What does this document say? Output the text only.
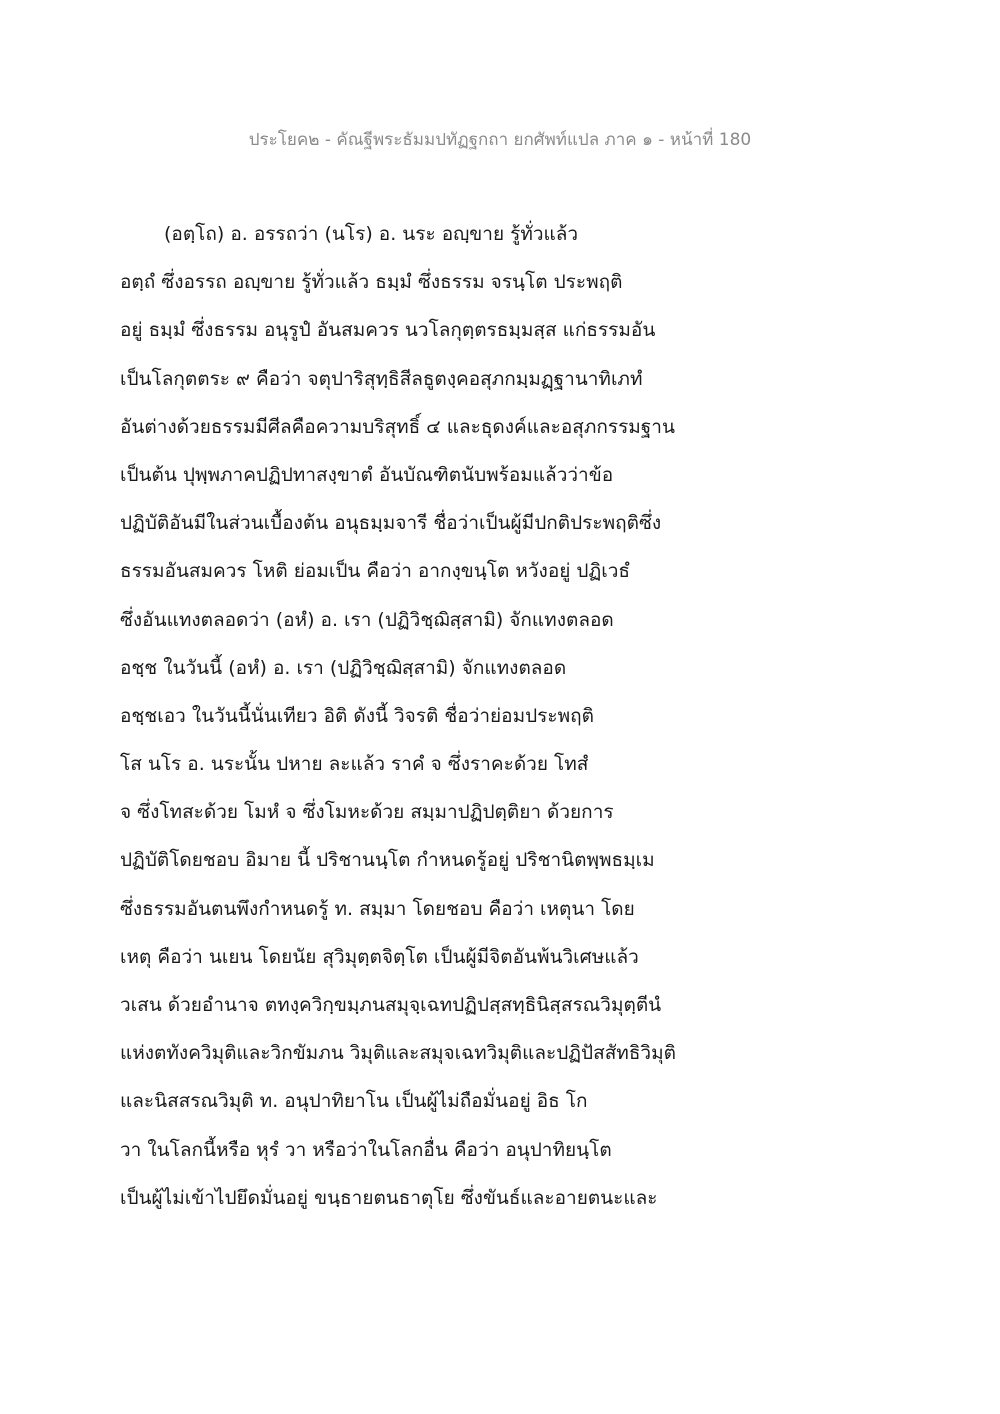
ประโยค๒ - คัณฐีพระธัมมปทัฏฐกถา ยกศัพท์แปล ภาค ๑ - หน้าที่ 180
(อตฺโถ) อ. อรรถว่า (นโร) อ. นระ อญฺขาย รู้ทั่วแล้ว
อตฺถํ ซึ่งอรรถ อญฺขาย รู้ทั่วแล้ว ธมฺมํ ซึ่งธรรม จรนฺโต ประพฤติ
อยู่ ธมฺมํ ซึ่งธรรม อนุรูปํ อันสมควร นวโลกุตฺตรธมฺมสฺส แก่ธรรมอัน
เป็นโลกุตตระ ๙ คือว่า จตุปาริสุทฺธิสีลธูตงฺคอสุภกมฺมฏฺฐานาทิเภทํ
อันต่างด้วยธรรมมีศีลคือความบริสุทธิ์ ๔ และธุดงค์และอสุภกรรมฐาน
เป็นต้น ปุพฺพภาคปฏิปทาสงฺขาตํ อันบัณฑิตนับพร้อมแล้วว่าข้อ
ปฏิบัติอันมีในส่วนเบื้องต้น อนุธมฺมจารี ชื่อว่าเป็นผู้มีปกติประพฤติซึ่ง
ธรรมอันสมควร โหติ ย่อมเป็น คือว่า อากงฺขนฺโต หวังอยู่ ปฏิเวธํ
ซึ่งอันแทงตลอดว่า (อหํ) อ. เรา (ปฏิวิชฺฌิสฺสามิ) จักแทงตลอด
อชฺช ในวันนี้ (อหํ) อ. เรา (ปฏิวิชฺฌิสฺสามิ) จักแทงตลอด
อชฺชเอว ในวันนี้นั่นเทียว อิติ ดังนี้ วิจรติ ชื่อว่าย่อมประพฤติ
โส นโร อ. นระนั้น ปหาย ละแล้ว ราคํ จ ซึ่งราคะด้วย โทสํ
จ ซึ่งโทสะด้วย โมหํ จ ซึ่งโมหะด้วย สมฺมาปฏิปตฺติยา ด้วยการ
ปฏิบัติโดยชอบ อิมาย นี้ ปริชานนฺโต กำหนดรู้อยู่ ปริชานิตพฺพธมฺเม
ซึ่งธรรมอันตนพึงกำหนดรู้ ท. สมฺมา โดยชอบ คือว่า เหตุนา โดย
เหตุ คือว่า นเยน โดยนัย สุวิมุตฺตจิตฺโต เป็นผู้มีจิตอันพ้นวิเศษแล้ว
วเสน ด้วยอำนาจ ตทงฺควิกฺขมฺภนสมุจฺเฉทปฏิปสฺสทฺธินิสฺสรณวิมุตฺตีนํ
แห่งตทังควิมุติและวิกขัมภน วิมุติและสมุจเฉทวิมุติและปฏิปัสสัทธิวิมุติ
และนิสสรณวิมุติ ท. อนุปาทิยาโน เป็นผู้ไม่ถือมั่นอยู่ อิธ โก
วา ในโลกนี้หรือ หุรํ วา หรือว่าในโลกอื่น คือว่า อนุปาทิยนฺโต
เป็นผู้ไม่เข้าไปยึดมั่นอยู่ ขนฺธายตนธาตุโย ซึ่งขันธ์และอายตนะและ
